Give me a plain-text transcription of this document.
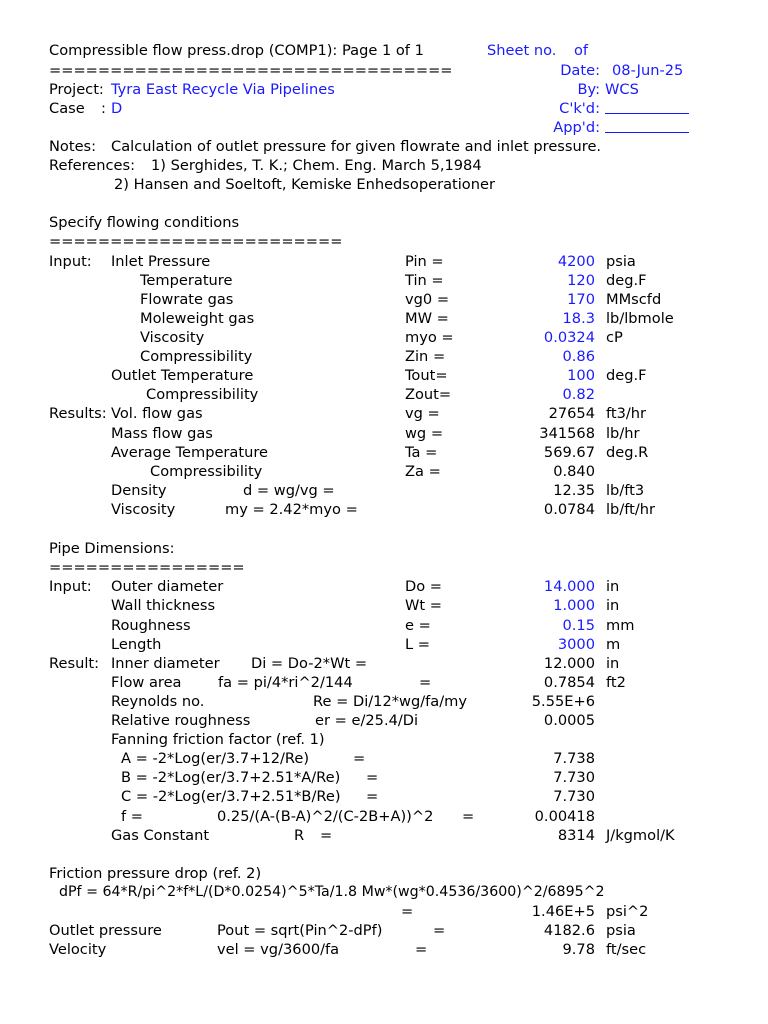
Compressible flow press.drop (COMP1): Page 1 of 1	Sheet no. of
=================================	Date: 08-Jun-25
Project: Tyra East Recycle Via Pipelines	By: WCS
Case : D	C'k'd:
App'd:
Notes: Calculation of outlet pressure for given flowrate and inlet pressure.
References: 1) Serghides, T. K.; Chem. Eng. March 5,1984
2) Hansen and Soeltoft, Kemiske Enhedsoperationer
Specify flowing conditions
========================
Input: Inlet Pressure	Pin =	4200 psia
Temperature	Tin =	120 deg.F
Flowrate gas	vg0 =	170 MMscfd
Moleweight gas	MW =	18.3 lb/lbmole
Viscosity	myo =	0.0324 cP
Compressibility	Zin =	0.86
Outlet Temperature	Tout=	100 deg.F
Compressibility	Zout=	0.82
Results: Vol. flow gas	vg =	27654 ft3/hr
Mass flow gas	wg =	341568 lb/hr
Average Temperature	Ta =	569.67 deg.R
Compressibility	Za =	0.840
Density	d = wg/vg =	12.35 lb/ft3
Viscosity	my = 2.42*myo =	0.0784 lb/ft/hr
Pipe Dimensions:
================
Input: Outer diameter	Do =	14.000 in
Wall thickness	Wt =	1.000 in
Roughness	e =	0.15 mm
Length	L =	3000 m
Result: Inner diameter Di = Do-2*Wt =	12.000 in
Flow area	fa = pi/4*ri^2/144	=	0.7854 ft2
Reynolds no.	Re = Di/12*wg/fa/my	5.55E+6
Relative roughness	er = e/25.4/Di	0.0005
Fanning friction factor (ref. 1)
A = -2*Log(er/3.7+12/Re)	=	7.738
B = -2*Log(er/3.7+2.51*A/Re) =	7.730
C = -2*Log(er/3.7+2.51*B/Re) =	7.730
f =	0.25/(A-(B-A)^2/(C-2B+A))^2 =	0.00418
Gas Constant	R =	8314 J/kgmol/K
Friction pressure drop (ref. 2)
dPf = 64*R/pi^2*f*L/(D*0.0254)^5*Ta/1.8 Mw*(wg*0.4536/3600)^2/6895^2
=	1.46E+5 psi^2
Outlet pressure	Pout = sqrt(Pin^2-dPf)	=	4182.6 psia
Velocity	vel = vg/3600/fa	=	9.78 ft/sec
